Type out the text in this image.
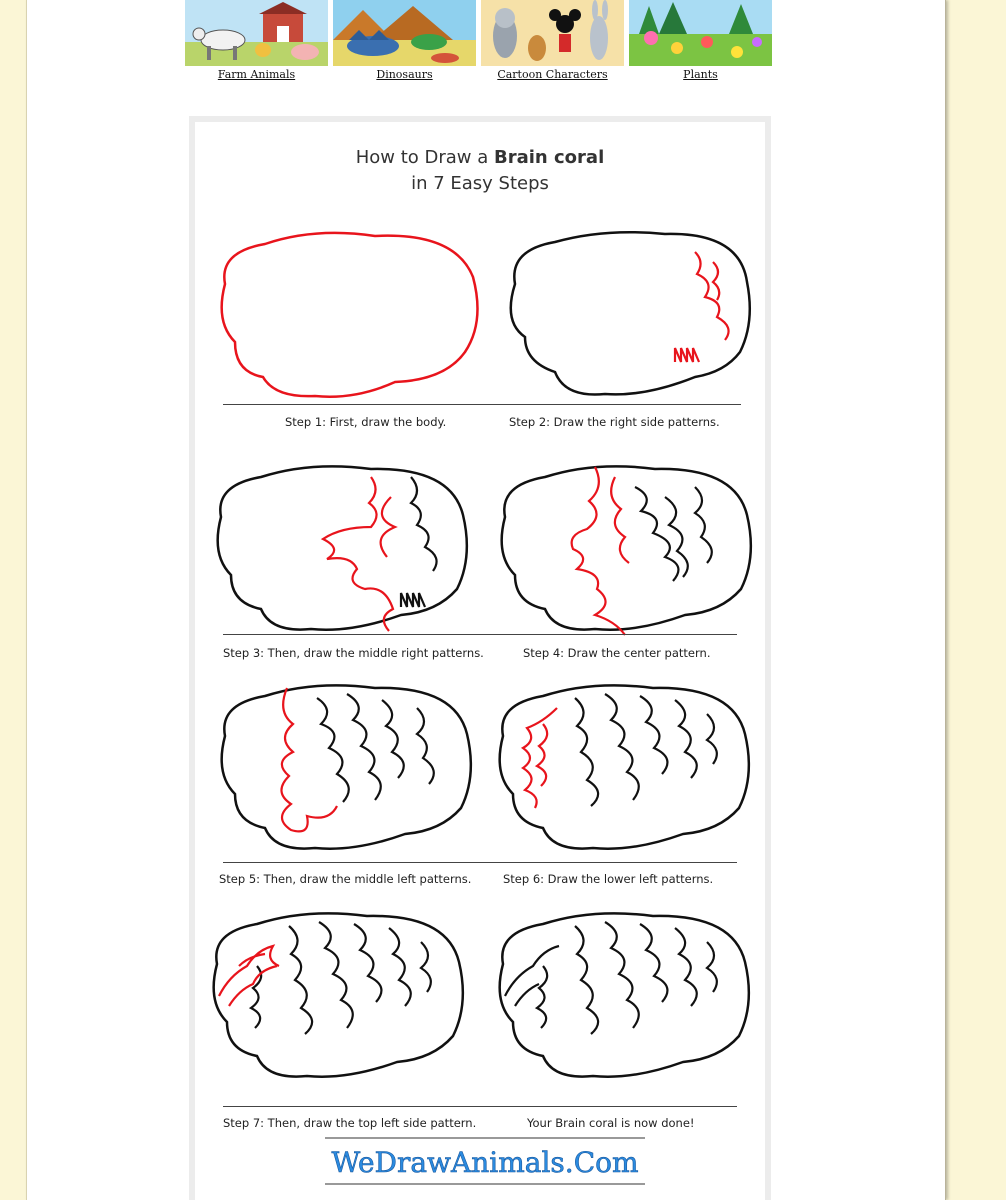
Farm Animals	Dinosaurs	Cartoon Characters	Plants
How to Draw a Brain coral
in 7 Easy Steps
Step 1: First, draw the body.	Step 2: Draw the right side patterns.
Step 3: Then, draw the middle right patterns.	Step 4: Draw the center pattern.
Step 5: Then, draw the middle left patterns.	Step 6: Draw the lower left patterns.
Step 7: Then, draw the top left side pattern.	Your Brain coral is now done!
WeDrawAnimals.Com
